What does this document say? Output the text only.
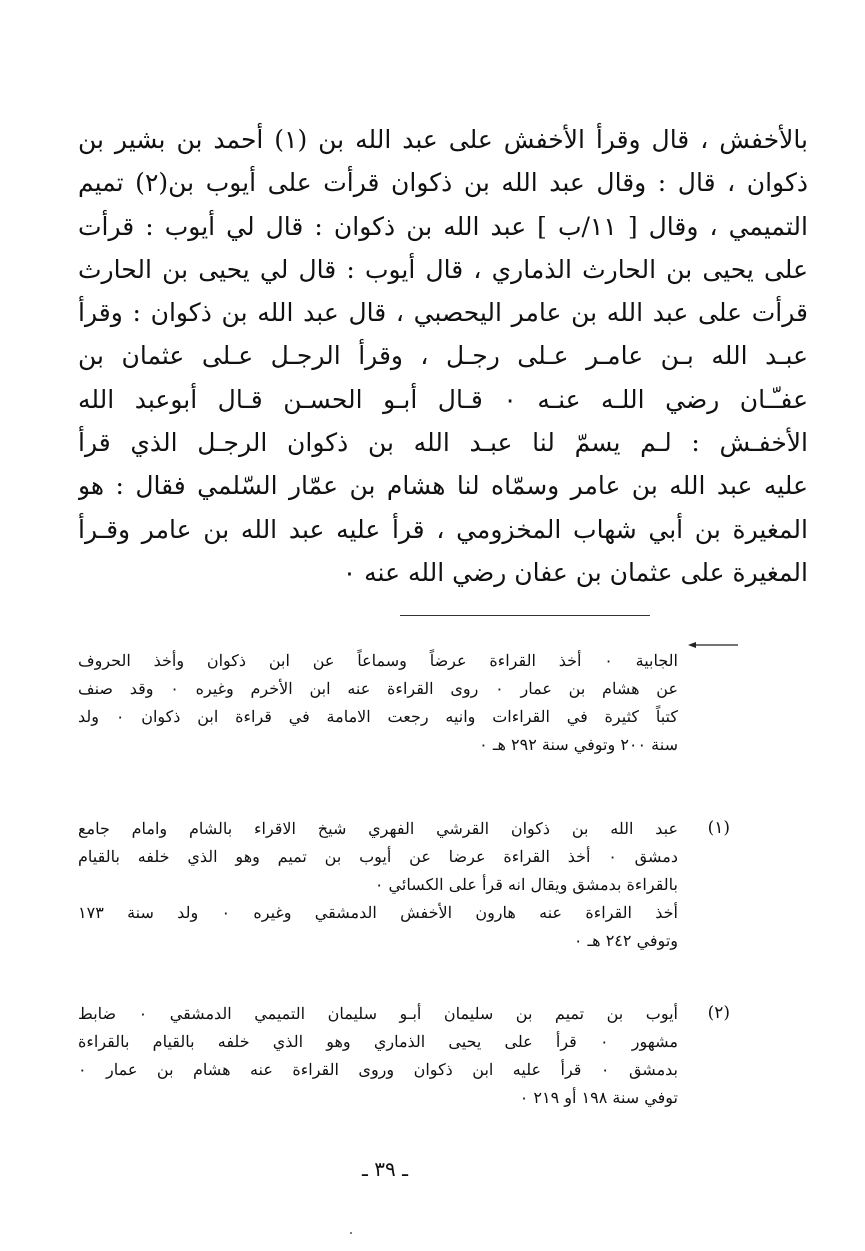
بالأخفش ، قال وقرأ الأخفش على عبد الله بن (١) أحمد بن بشير بن
ذكوان ، قال : وقال عبد الله بن ذكوان قرأت على أيوب بن(٢) تميم
التميمي ، وقال [ ١١/ب ] عبد الله بن ذكوان : قال لي أيوب : قرأت
على يحيى بن الحارث الذماري ، قال أيوب : قال لي يحيى بن الحارث
قرأت على عبد الله بن عامر اليحصبي ، قال عبد الله بن ذكوان : وقرأ
عبـد الله بـن عامـر عـلى رجـل ، وقرأ الرجـل عـلى عثمان بن
عفـّـان رضي اللـه عنـه ٠ قـال أبـو الحسـن قـال أبوعبد الله
الأخفـش : لـم يسمّ لنا عبـد الله بن ذكوان الرجـل الذي قرأ
عليه عبد الله بن عامر وسمّاه لنا هشام بن عمّار السّلمي فقال : هو
المغيرة بن أبي شهاب المخزومي ، قرأ عليه عبد الله بن عامر وقـرأ
المغيرة على عثمان بن عفان رضي الله عنه ٠
الجابية ٠ أخذ القراءة عرضاً وسماعاً عن ابن ذكوان وأخذ الحروف
عن هشام بن عمار ٠ روى القراءة عنه ابن الأخرم وغيره ٠ وقد صنف
كتباً كثيرة في القراءات وانيه رجعت الامامة في قراءة ابن ذكوان ٠ ولد
سنة ٢٠٠ وتوفي سنة ٢٩٢ هـ ٠
(١)
عبد الله بن ذكوان القرشي الفهري شيخ الاقراء بالشام وامام جامع
دمشق ٠ أخذ القراءة عرضا عن أيوب بن تميم وهو الذي خلفه بالقيام
بالقراءة بدمشق ويقال انه قرأ على الكسائي ٠
أخذ القراءة عنه هارون الأخفش الدمشقي وغيره ٠ ولد سنة ١٧٣
وتوفي ٢٤٢ هـ ٠
(٢)
أيوب بن تميم بن سليمان أبـو سليمان التميمي الدمشقي ٠ ضابط
مشهور ٠ قرأ على يحيى الذماري وهو الذي خلفه بالقيام بالقراءة
بدمشق ٠ قرأ عليه ابن ذكوان وروى القراءة عنه هشام بن عمار ٠
توفي سنة ١٩٨ أو ٢١٩ ٠
ـ ٣٩ ـ
